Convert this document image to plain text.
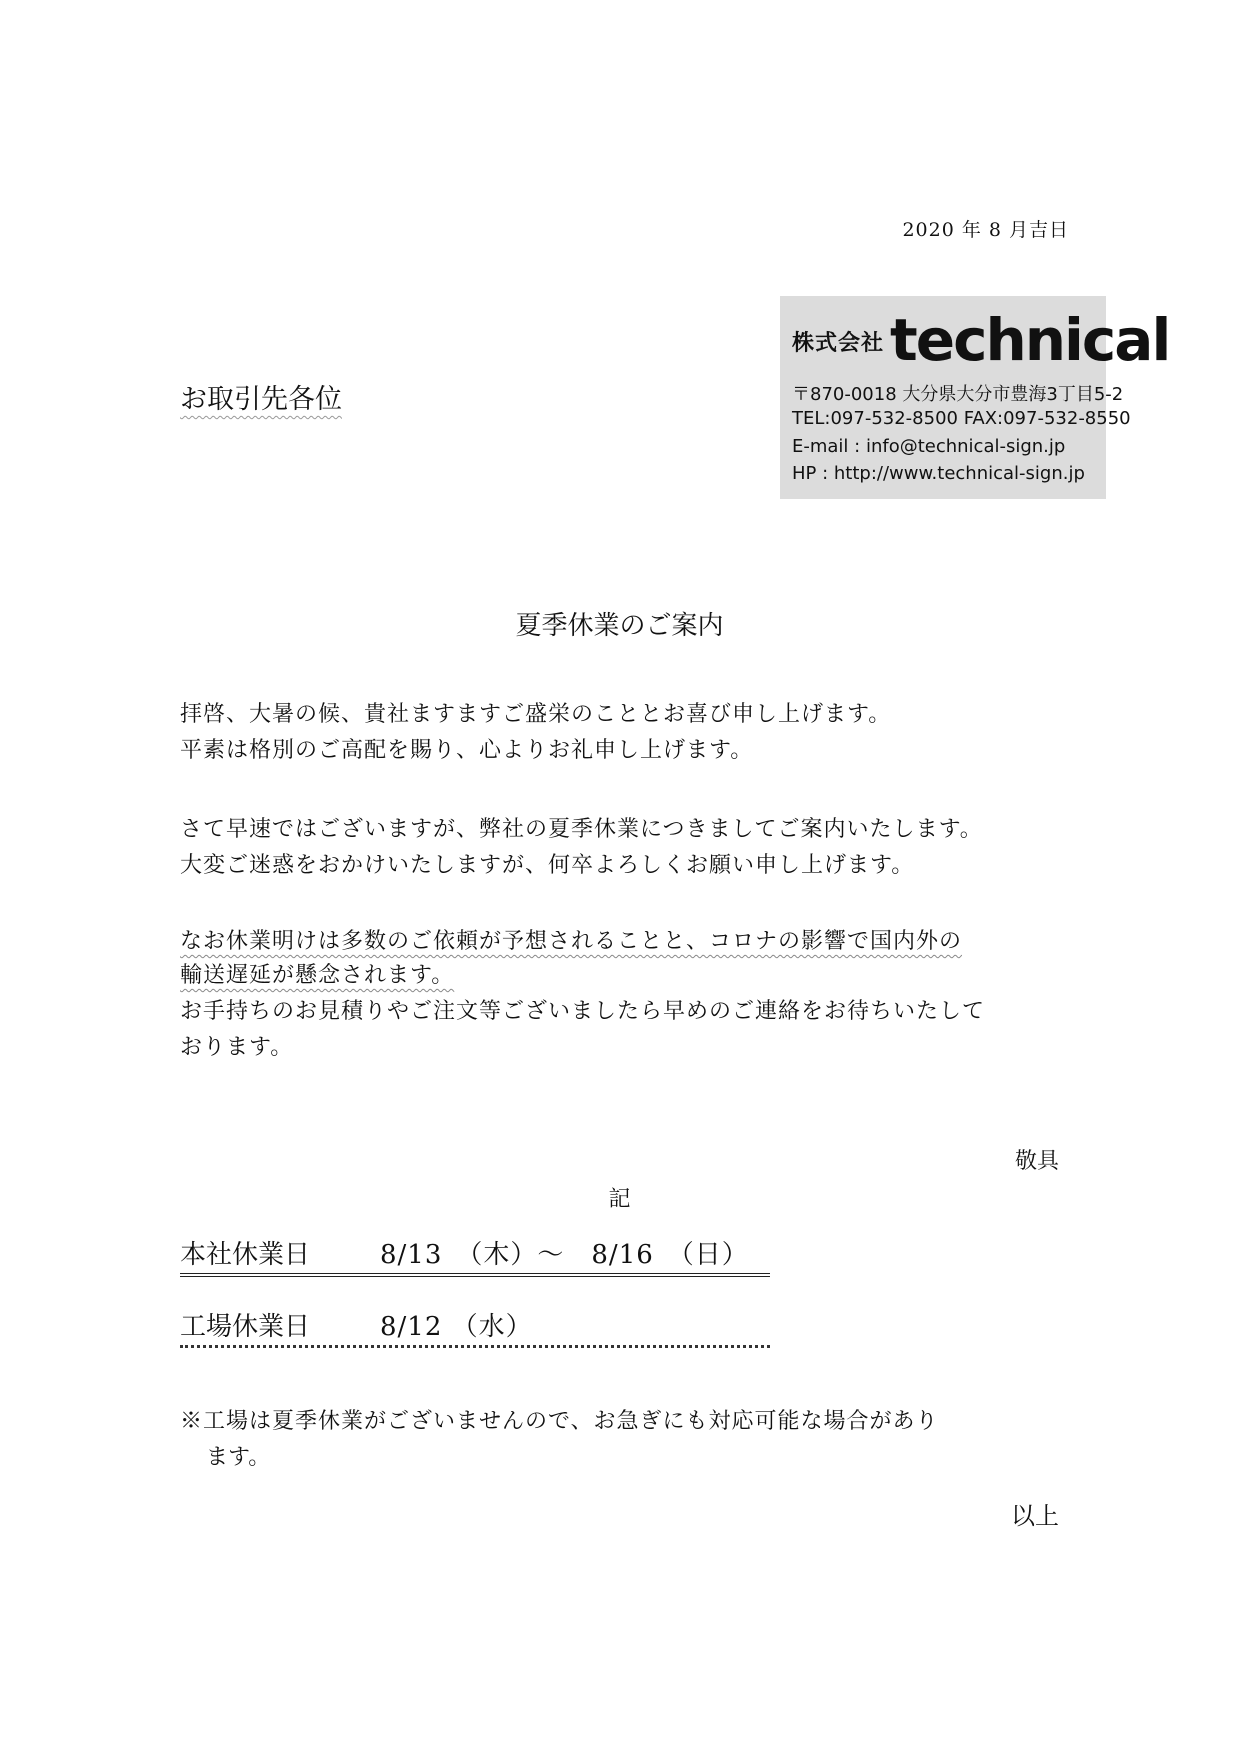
2020 年 8 月吉日
お取引先各位
株式会社 technical
〒870-0018 大分県大分市豊海3丁目5-2
TEL:097-532-8500 FAX:097-532-8550
E-mail : info@technical-sign.jp
HP : http://www.technical-sign.jp
夏季休業のご案内
拝啓、大暑の候、貴社ますますご盛栄のこととお喜び申し上げます。
平素は格別のご高配を賜り、心よりお礼申し上げます。
さて早速ではございますが、弊社の夏季休業につきましてご案内いたします。
大変ご迷惑をおかけいたしますが、何卒よろしくお願い申し上げます。
なお休業明けは多数のご依頼が予想されることと、コロナの影響で国内外の
輸送遅延が懸念されます。
お手持ちのお見積りやご注文等ございましたら早めのご連絡をお待ちいたして
おります。
敬具
記
本社休業日	8/13　（木）～　8/16　（日）
工場休業日	8/12 （水）
※工場は夏季休業がございませんので、お急ぎにも対応可能な場合があり
ます。
以上
